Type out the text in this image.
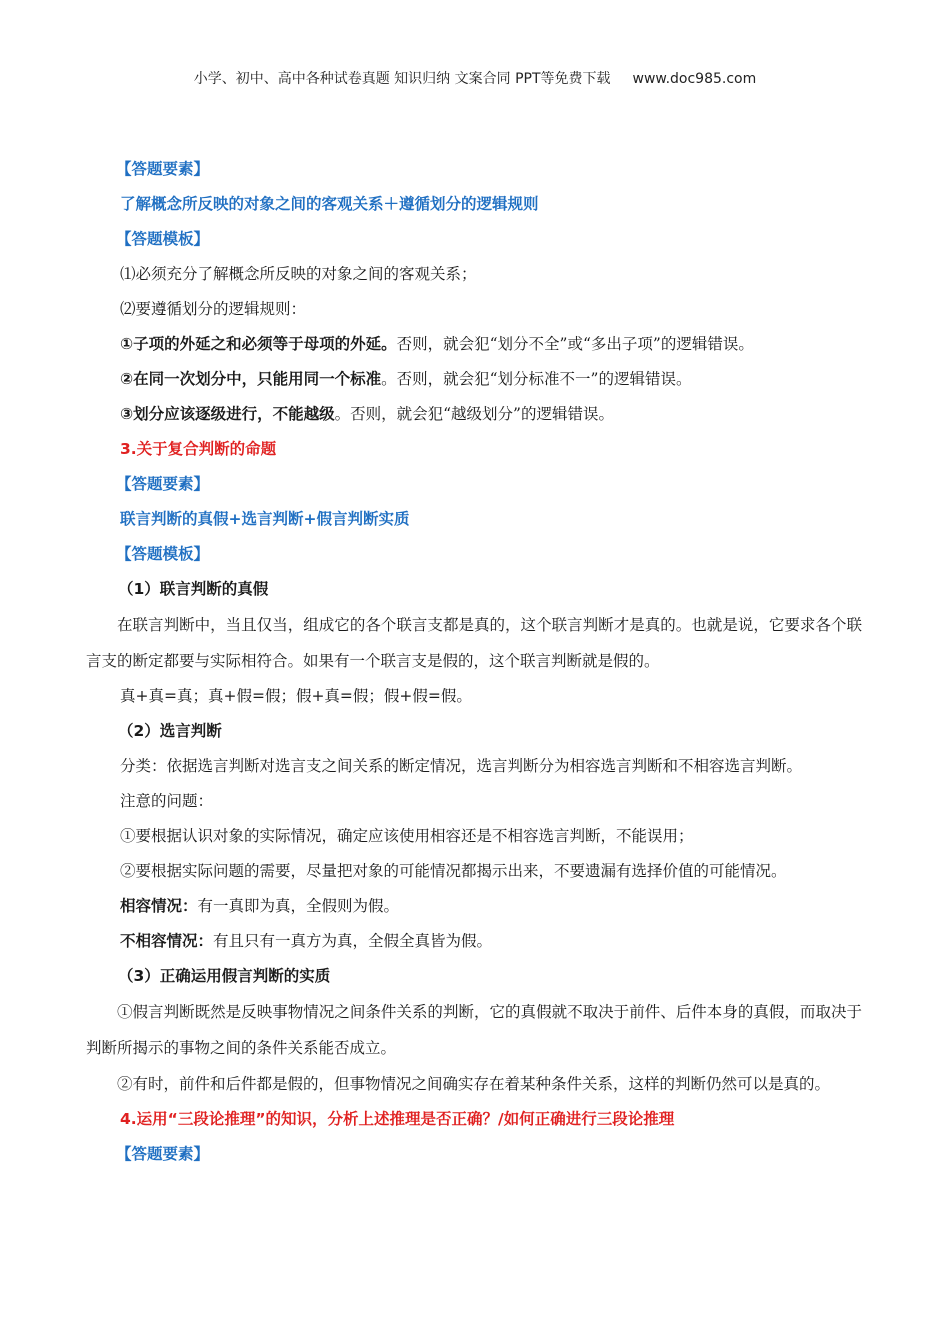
小学、初中、高中各种试卷真题 知识归纳 文案合同 PPT等免费下载 www.doc985.com
【答题要素】
了解概念所反映的对象之间的客观关系＋遵循划分的逻辑规则
【答题模板】
⑴必须充分了解概念所反映的对象之间的客观关系；
⑵要遵循划分的逻辑规则：
①子项的外延之和必须等于母项的外延。否则，就会犯“划分不全”或“多出子项”的逻辑错误。
②在同一次划分中，只能用同一个标准。否则，就会犯“划分标准不一”的逻辑错误。
③划分应该逐级进行，不能越级。否则，就会犯“越级划分”的逻辑错误。
3.关于复合判断的命题
【答题要素】
联言判断的真假+选言判断+假言判断实质
【答题模板】
（1）联言判断的真假
在联言判断中，当且仅当，组成它的各个联言支都是真的，这个联言判断才是真的。也就是说，它要求各个联言支的断定都要与实际相符合。如果有一个联言支是假的，这个联言判断就是假的。
真+真=真；真+假=假；假+真=假；假+假=假。
（2）选言判断
分类：依据选言判断对选言支之间关系的断定情况，选言判断分为相容选言判断和不相容选言判断。
注意的问题：
①要根据认识对象的实际情况，确定应该使用相容还是不相容选言判断，不能误用；
②要根据实际问题的需要，尽量把对象的可能情况都揭示出来，不要遗漏有选择价值的可能情况。
相容情况：有一真即为真，全假则为假。
不相容情况：有且只有一真方为真，全假全真皆为假。
（3）正确运用假言判断的实质
①假言判断既然是反映事物情况之间条件关系的判断，它的真假就不取决于前件、后件本身的真假，而取决于判断所揭示的事物之间的条件关系能否成立。
②有时，前件和后件都是假的，但事物情况之间确实存在着某种条件关系，这样的判断仍然可以是真的。
4.运用“三段论推理”的知识，分析上述推理是否正确？/如何正确进行三段论推理
【答题要素】
